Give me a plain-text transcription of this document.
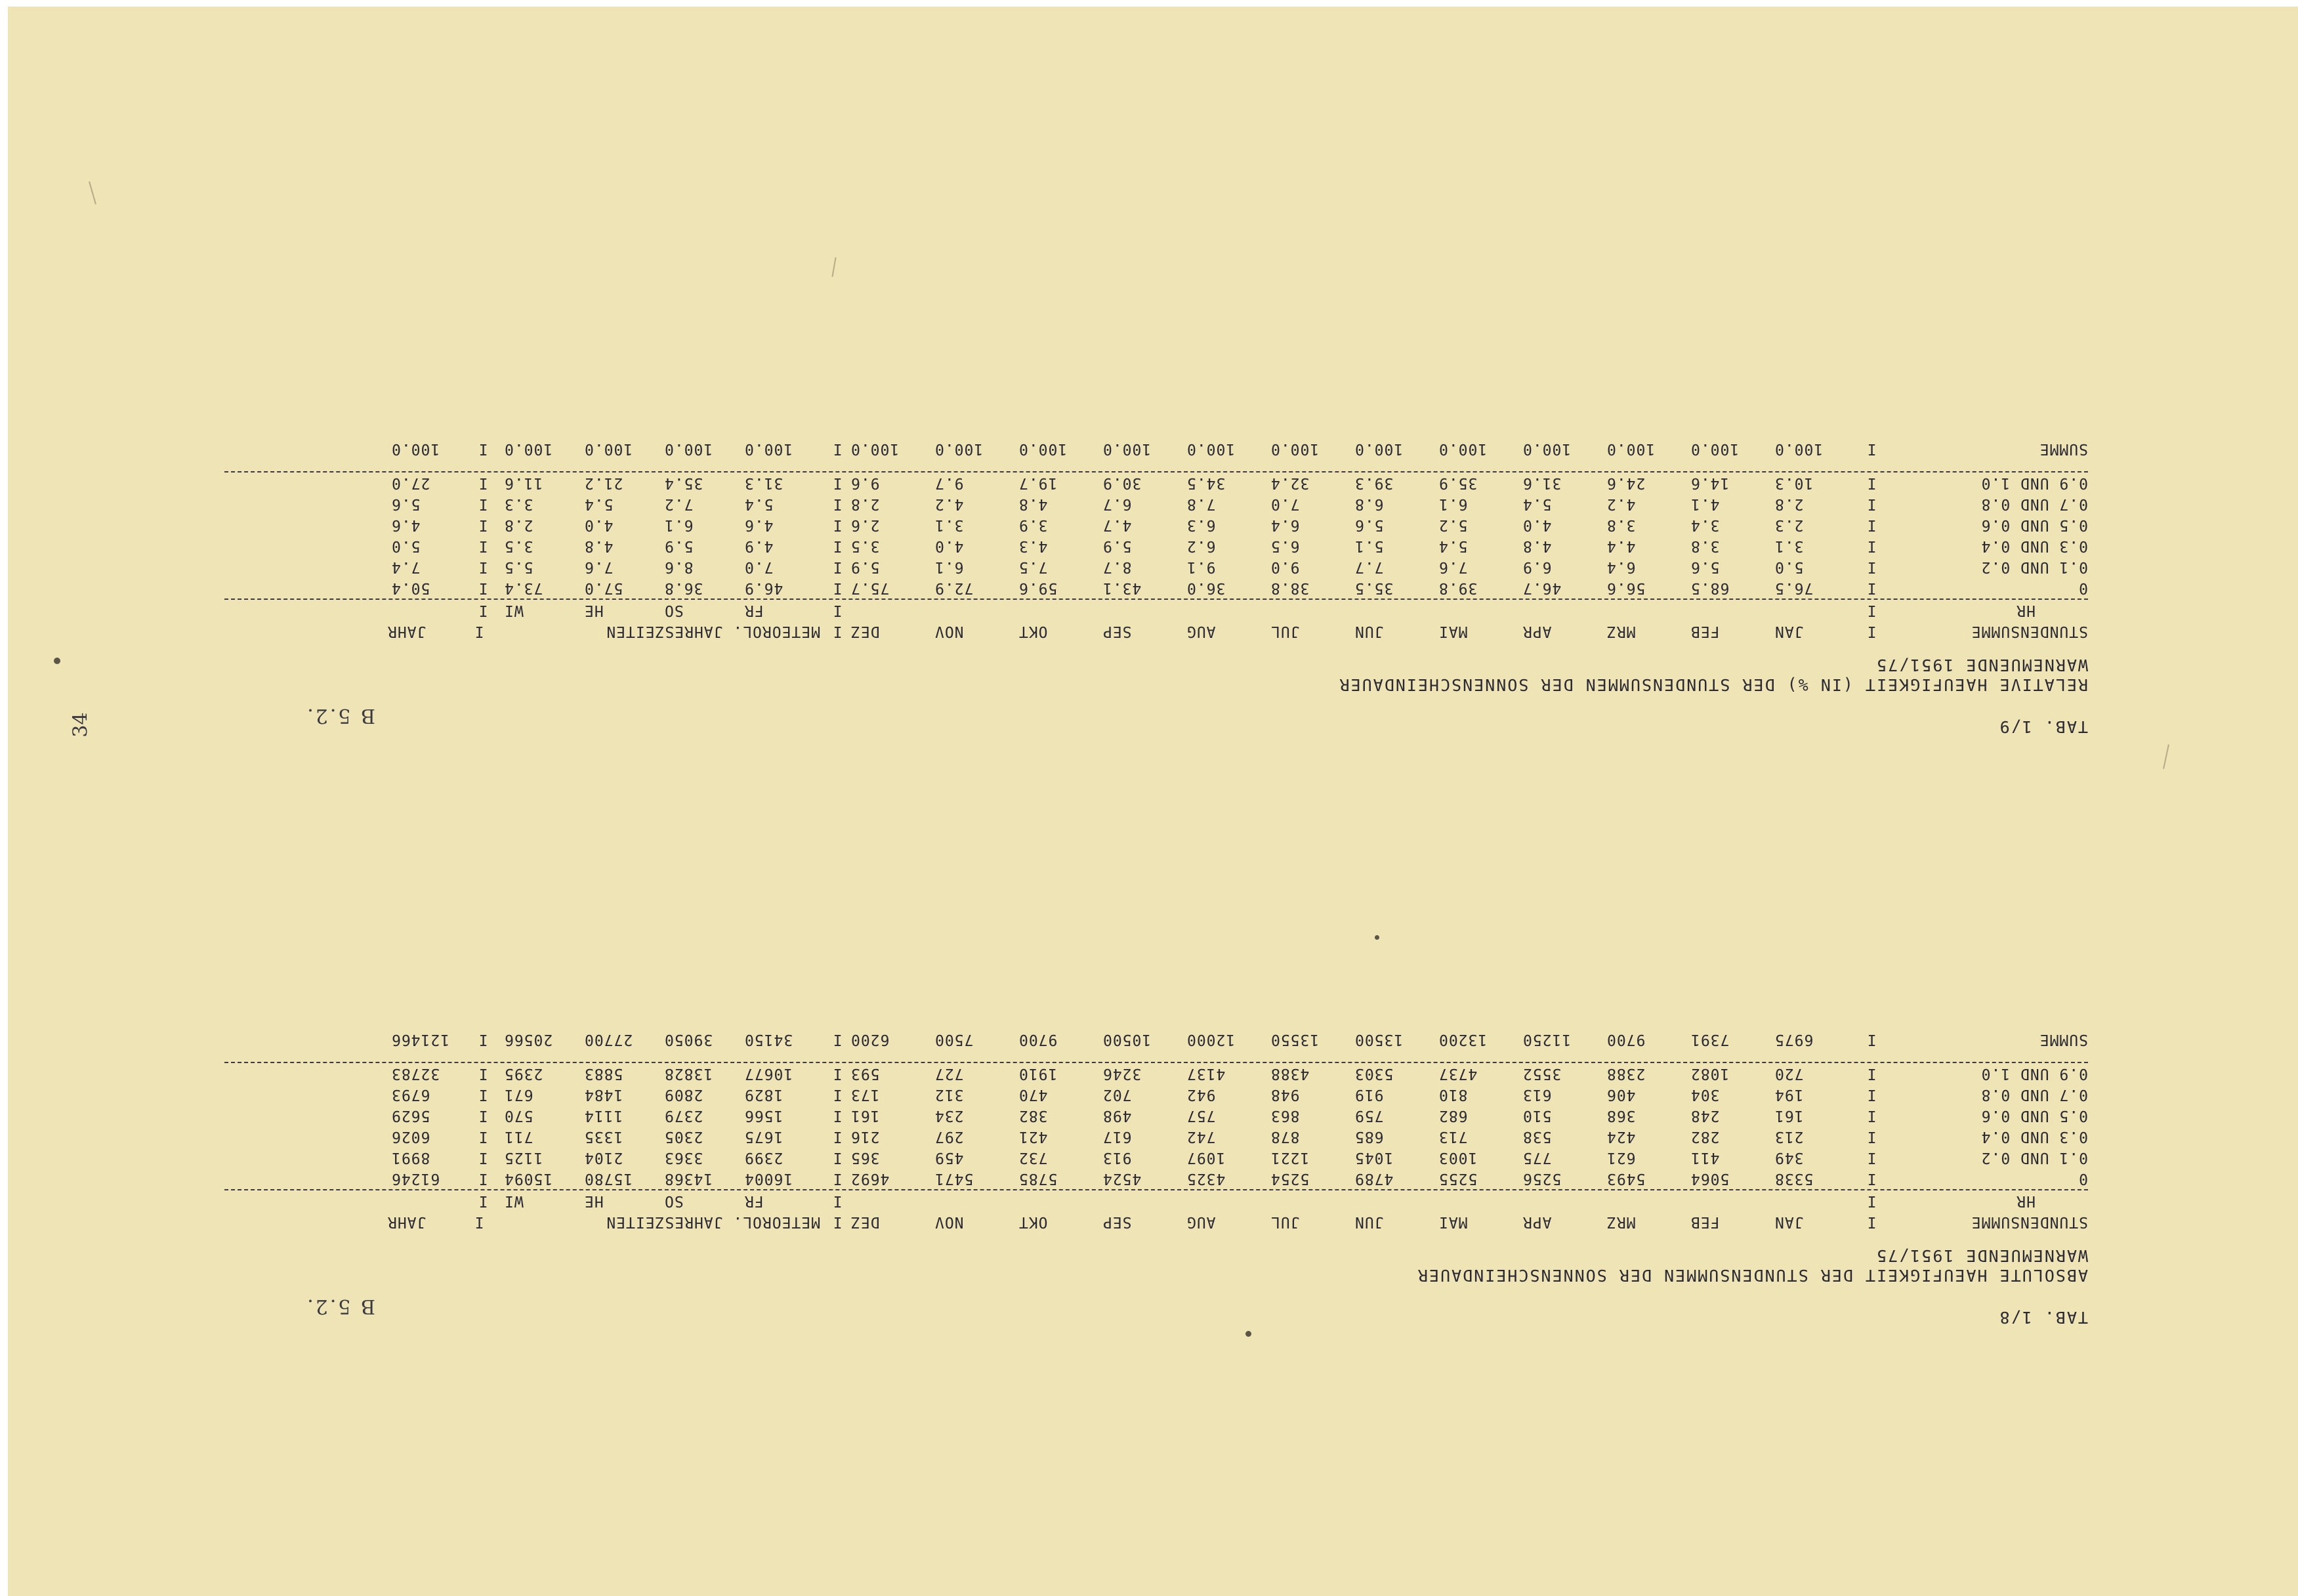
34
B 5.2.	TAB. 1/8
ABSOLUTE HAEUFIGKEIT DER STUNDENSUMMEN DER SONNENSCHEINDAUER
WARNEMUENDE 1951/75
STUNDENSUMME
I
JAN
FEB
MRZ
APR
MAI
JUN
JUL
AUG
SEP
OKT
NOV
DEZ
I
METEOROL. JAHRESZEITEN
I
JAHR
HR
I
I
FR
SO
HE
WI
I
0
I
5338
5064
5493
5256
5255
4789
5254
4325
4524
5785
5471
4692
I
16004
14368
15780
15094
I
61246
0.1 UND 0.2
I
349
411
621
775
1003
1045
1221
1097
913
732
459
365
I
2399
3363
2104
1125
I
8991
0.3 UND 0.4
I
213
282
424
538
713
685
878
742
617
421
297
216
I
1675
2305
1335
711
I
6026
0.5 UND 0.6
I
161
248
368
510
682
759
863
757
498
382
234
161
I
1566
2379
1114
570
I
5629
0.7 UND 0.8
I
194
304
406
613
810
919
948
942
702
470
312
173
I
1829
2809
1484
671
I
6793
0.9 UND 1.0
I
720
1082
2388
3552
4737
5303
4388
4137
3246
1910
727
593
I
10677
13828
5883
2395
I
32783
SUMME
I
6975
7391
9700
11250
13200
13500
13550
12000
10500
9700
7500
6200
I
34150
39050
27700
20566
I
121466
B 5.2.	TAB. 1/9
RELATIVE HAEUFIGKEIT (IN %) DER STUNDENSUMMEN DER SONNENSCHEINDAUER
WARNEMUENDE 1951/75
STUNDENSUMME
I
JAN
FEB
MRZ
APR
MAI
JUN
JUL
AUG
SEP
OKT
NOV
DEZ
I
METEOROL. JAHRESZEITEN
I
JAHR
HR
I
I
FR
SO
HE
WI
I
0
I
76.5
68.5
56.6
46.7
39.8
35.5
38.8
36.0
43.1
59.6
72.9
75.7
I
46.9
36.8
57.0
73.4
I
50.4
0.1 UND 0.2
I
5.0
5.6
6.4
6.9
7.6
7.7
9.0
9.1
8.7
7.5
6.1
5.9
I
7.0
8.6
7.6
5.5
I
7.4
0.3 UND 0.4
I
3.1
3.8
4.4
4.8
5.4
5.1
6.5
6.2
5.9
4.3
4.0
3.5
I
4.9
5.9
4.8
3.5
I
5.0
0.5 UND 0.6
I
2.3
3.4
3.8
4.0
5.2
5.6
6.4
6.3
4.7
3.9
3.1
2.6
I
4.6
6.1
4.0
2.8
I
4.6
0.7 UND 0.8
I
2.8
4.1
4.2
5.4
6.1
6.8
7.0
7.8
6.7
4.8
4.2
2.8
I
5.4
7.2
5.4
3.3
I
5.6
0.9 UND 1.0
I
10.3
14.6
24.6
31.6
35.9
39.3
32.4
34.5
30.9
19.7
9.7
9.6
I
31.3
35.4
21.2
11.6
I
27.0
SUMME
I
100.0
100.0
100.0
100.0
100.0
100.0
100.0
100.0
100.0
100.0
100.0
100.0
I
100.0
100.0
100.0
100.0
I
100.0
